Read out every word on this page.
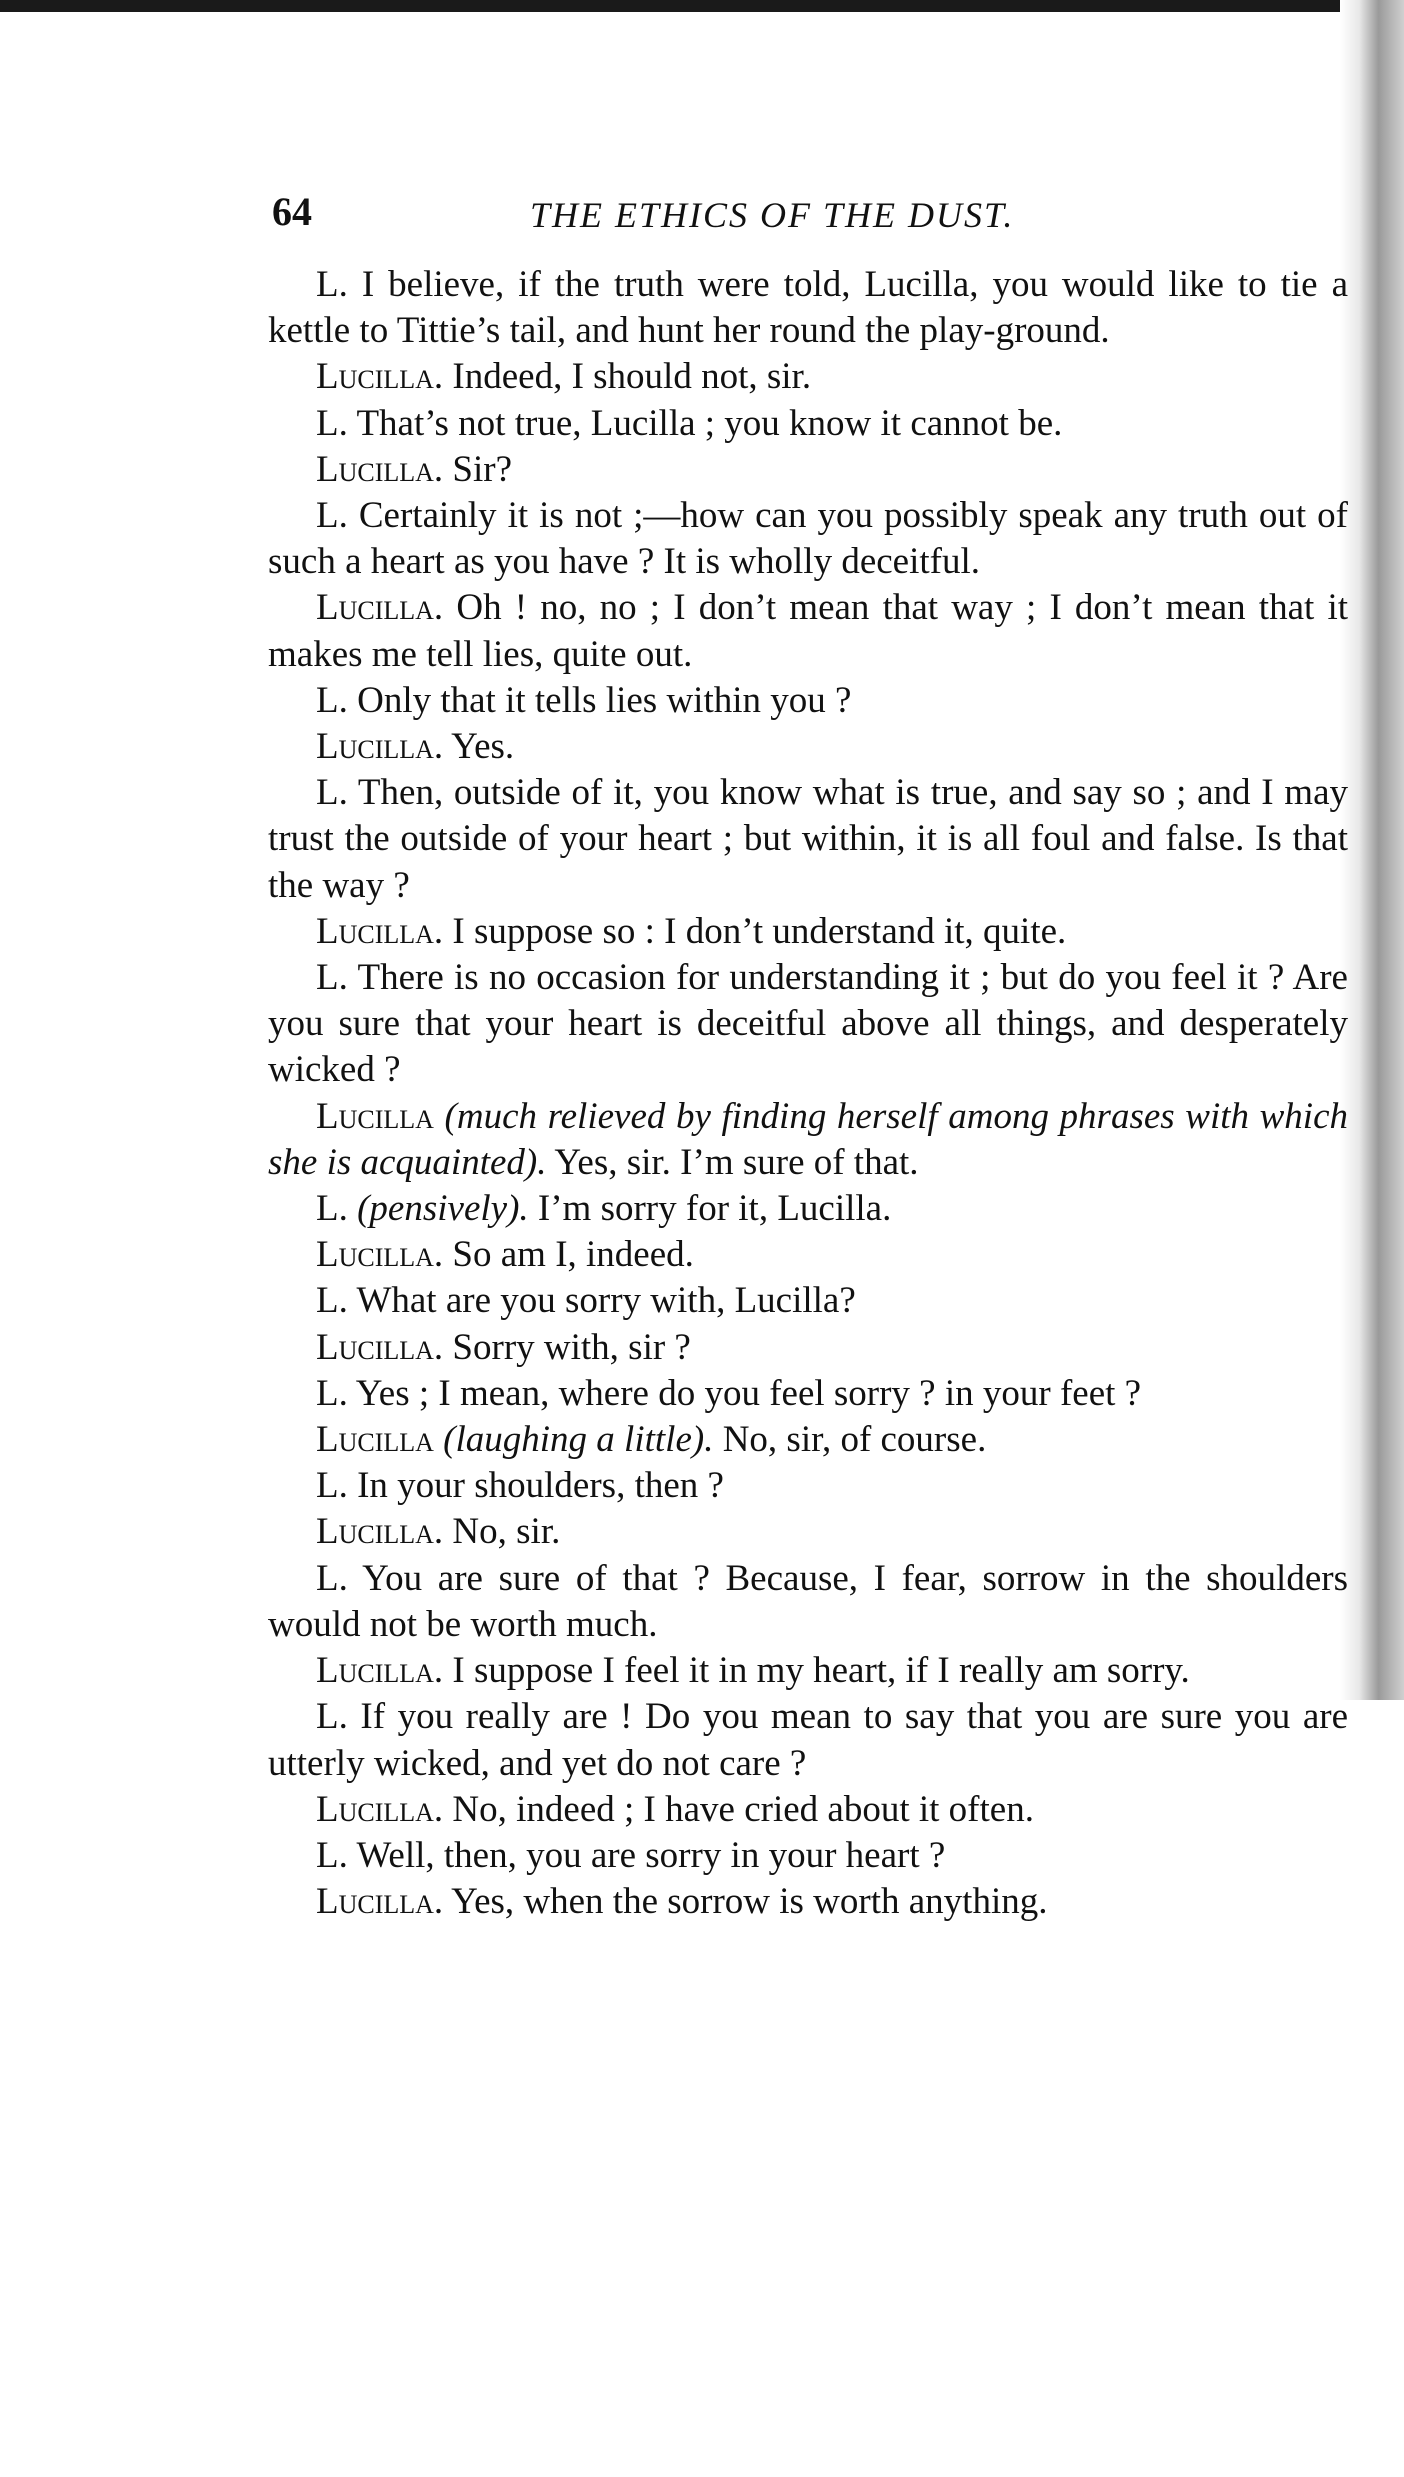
64	THE ETHICS OF THE DUST.

L. I believe, if the truth were told, Lucilla, you would like to tie a kettle to Tittie’s tail, and hunt her round the play-ground.

Lucilla. Indeed, I should not, sir.

L. That’s not true, Lucilla ; you know it cannot be.

Lucilla. Sir?

L. Certainly it is not ;—how can you possibly speak any truth out of such a heart as you have ? It is wholly deceitful.

Lucilla. Oh ! no, no ; I don’t mean that way ; I don’t mean that it makes me tell lies, quite out.

L. Only that it tells lies within you ?

Lucilla. Yes.

L. Then, outside of it, you know what is true, and say so ; and I may trust the outside of your heart ; but within, it is all foul and false. Is that the way ?

Lucilla. I suppose so : I don’t understand it, quite.

L. There is no occasion for understanding it ; but do you feel it ? Are you sure that your heart is deceitful above all things, and desperately wicked ?

Lucilla (much relieved by finding herself among phrases with which she is acquainted). Yes, sir. I’m sure of that.

L. (pensively). I’m sorry for it, Lucilla.

Lucilla. So am I, indeed.

L. What are you sorry with, Lucilla?

Lucilla. Sorry with, sir ?

L. Yes ; I mean, where do you feel sorry ? in your feet ?

Lucilla (laughing a little). No, sir, of course.

L. In your shoulders, then ?

Lucilla. No, sir.

L. You are sure of that ? Because, I fear, sorrow in the shoulders would not be worth much.

Lucilla. I suppose I feel it in my heart, if I really am sorry.

L. If you really are ! Do you mean to say that you are sure you are utterly wicked, and yet do not care ?

Lucilla. No, indeed ; I have cried about it often.

L. Well, then, you are sorry in your heart ?

Lucilla. Yes, when the sorrow is worth anything.
